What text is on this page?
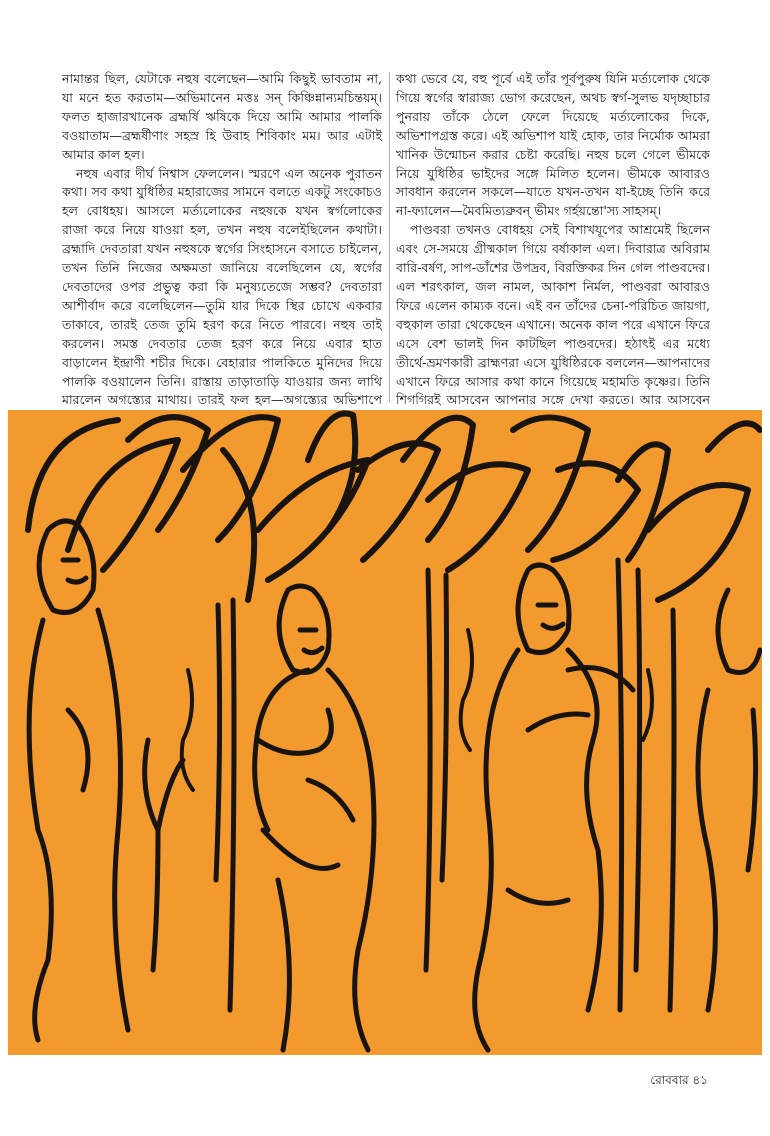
নামান্তর ছিল, যেটাকে নহুষ বলেছেন—আমি কিছুই ভাবতাম না, যা মনে হত করতাম—অভিমানেন মত্তঃ সন্‌ কিঞ্চিন্নান্যমচিন্তয়ম্‌। ফলত হাজারখানেক ব্রহ্মর্ষি ঋষিকে দিয়ে আমি আমার পালকি বওয়াতাম—ব্রহ্মর্ষীণাং সহস্র হি উবাহ শিবিকাং মম। আর এটাই আমার কাল হল।

নহুষ এবার দীর্ঘ নিশ্বাস ফেললেন। স্মরণে এল অনেক পুরাতন কথা। সব কথা যুধিষ্ঠির মহারাজের সামনে বলতে একটু সংকোচও হল বোধহয়। আসলে মর্ত্যলোকের নহুষকে যখন স্বর্গলোকের রাজা করে নিয়ে যাওয়া হল, তখন নহুষ বলেইছিলেন কথাটা। ব্রহ্মাদি দেবতারা যখন নহুষকে স্বর্গের সিংহাসনে বসাতে চাইলেন, তখন তিনি নিজের অক্ষমতা জানিয়ে বলেছিলেন যে, স্বর্গের দেবতাদের ওপর প্রভুত্ব করা কি মনুষ্যতেজে সম্ভব? দেবতারা আশীর্বাদ করে বলেছিলেন—তুমি যার দিকে স্থির চোখে একবার তাকাবে, তারই তেজ তুমি হরণ করে নিতে পারবে। নহুষ তাই করলেন। সমস্ত দেবতার তেজ হরণ করে নিয়ে এবার হাত বাড়ালেন ইন্দ্রাণী শচীর দিকে। বেহারার পালকিতে মুনিদের দিয়ে পালকি বওয়ালেন তিনি। রাস্তায় তাড়াতাড়ি যাওয়ার জন্য লাথি মারলেন অগস্ত্যের মাথায়। তারই ফল হল—অগস্ত্যের অভিশাপে

কথা ভেবে যে, বহু পূর্বে এই তাঁর পূর্বপুরুষ যিনি মর্ত্যলোক থেকে গিয়ে স্বর্গের স্বারাজ্য ভোগ করেছেন, অথচ স্বর্গ-সুলভ যদৃচ্ছাচার পুনরায় তাঁকে ঠেলে ফেলে দিয়েছে মর্ত্যলোকের দিকে, অভিশাপগ্রস্ত করে। এই অভিশাপ যাই হোক, তার নির্মোক আমরা খানিক উন্মোচন করার চেষ্টা করেছি। নহুষ চলে গেলে ভীমকে নিয়ে যুধিষ্ঠির ভাইদের সঙ্গে মিলিত হলেন। ভীমকে আবারও সাবধান করলেন সকলে—যাতে যখন-তখন যা-ইচ্ছে তিনি করে না-ফ্যালেন—মৈবমিত্যব্রুবন্‌ ভীমং গর্হয়ন্তো'স্য সাহসম্‌।

পাণ্ডবরা তখনও বোধহয় সেই বিশাখযূপের আশ্রমেই ছিলেন এবং সে-সময়ে গ্রীষ্মকাল গিয়ে বর্ষাকাল এল। দিবারাত্র অবিরাম বারি-বর্ষণ, সাপ-ডাঁশের উপদ্রব, বিরক্তিকর দিন গেল পাণ্ডবদের। এল শরৎকাল, জল নামল, আকাশ নির্মল, পাণ্ডবরা আবারও ফিরে এলেন কাম্যক বনে। এই বন তাঁদের চেনা-পরিচিত জায়গা, বহুকাল তারা থেকেছেন এখানে। অনেক কাল পরে এখানে ফিরে এসে বেশ ভালই দিন কাটছিল পাণ্ডবদের। হঠাৎই এর মধ্যে তীর্থে-ভ্রমণকারী ব্রাহ্মণরা এসে যুধিষ্ঠিরকে বললেন—আপনাদের এখানে ফিরে আসার কথা কানে গিয়েছে মহামতি কৃষ্ণের। তিনি শিগগিরই আসবেন আপনার সঙ্গে দেখা করতে। আর আসবেন

রোববার ৪১
